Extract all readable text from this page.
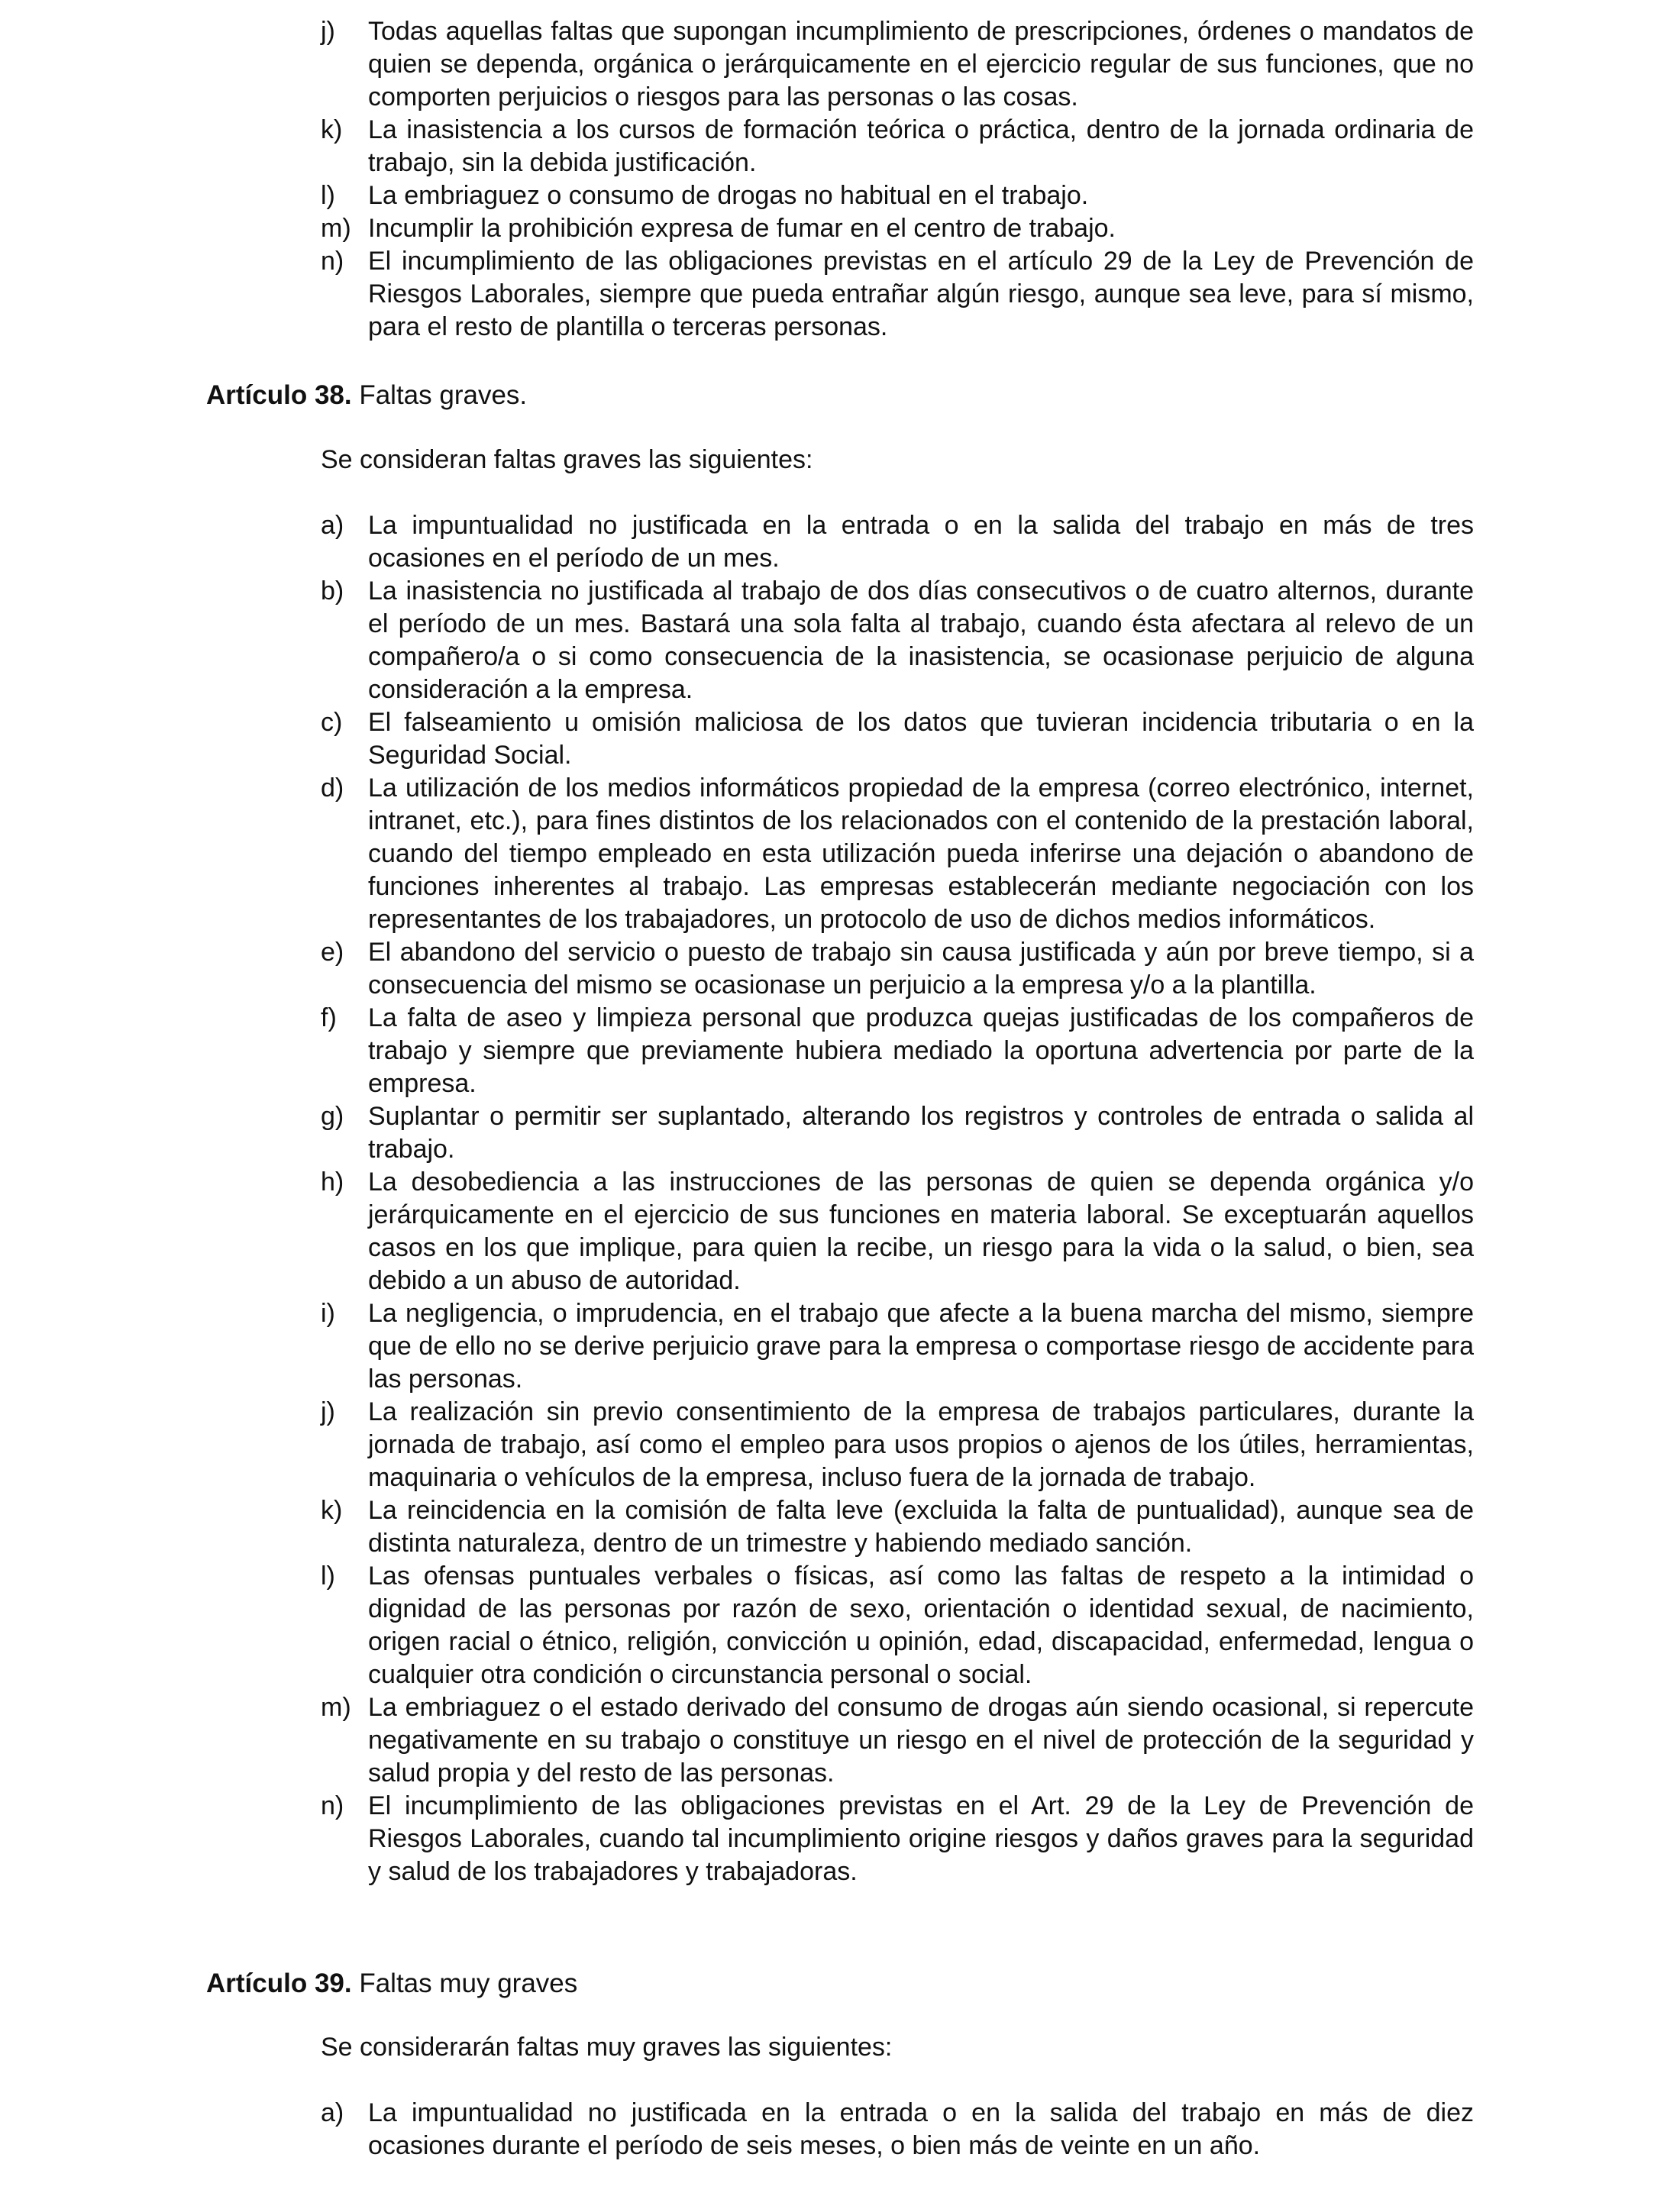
j) Todas aquellas faltas que supongan incumplimiento de prescripciones, órdenes o mandatos de quien se dependa, orgánica o jerárquicamente en el ejercicio regular de sus funciones, que no comporten perjuicios o riesgos para las personas o las cosas.
k) La inasistencia a los cursos de formación teórica o práctica, dentro de la jornada ordinaria de trabajo, sin la debida justificación.
l) La embriaguez o consumo de drogas no habitual en el trabajo.
m) Incumplir la prohibición expresa de fumar en el centro de trabajo.
n) El incumplimiento de las obligaciones previstas en el artículo 29 de la Ley de Prevención de Riesgos Laborales, siempre que pueda entrañar algún riesgo, aunque sea leve, para sí mismo, para el resto de plantilla o terceras personas.
Artículo 38. Faltas graves.
Se consideran faltas graves las siguientes:
a) La impuntualidad no justificada en la entrada o en la salida del trabajo en más de tres ocasiones en el período de un mes.
b) La inasistencia no justificada al trabajo de dos días consecutivos o de cuatro alternos, durante el período de un mes. Bastará una sola falta al trabajo, cuando ésta afectara al relevo de un compañero/a o si como consecuencia de la inasistencia, se ocasionase perjuicio de alguna consideración a la empresa.
c) El falseamiento u omisión maliciosa de los datos que tuvieran incidencia tributaria o en la Seguridad Social.
d) La utilización de los medios informáticos propiedad de la empresa (correo electrónico, internet, intranet, etc.), para fines distintos de los relacionados con el contenido de la prestación laboral, cuando del tiempo empleado en esta utilización pueda inferirse una dejación o abandono de funciones inherentes al trabajo. Las empresas establecerán mediante negociación con los representantes de los trabajadores, un protocolo de uso de dichos medios informáticos.
e) El abandono del servicio o puesto de trabajo sin causa justificada y aún por breve tiempo, si a consecuencia del mismo se ocasionase un perjuicio a la empresa y/o a la plantilla.
f) La falta de aseo y limpieza personal que produzca quejas justificadas de los compañeros de trabajo y siempre que previamente hubiera mediado la oportuna advertencia por parte de la empresa.
g) Suplantar o permitir ser suplantado, alterando los registros y controles de entrada o salida al trabajo.
h) La desobediencia a las instrucciones de las personas de quien se dependa orgánica y/o jerárquicamente en el ejercicio de sus funciones en materia laboral. Se exceptuarán aquellos casos en los que implique, para quien la recibe, un riesgo para la vida o la salud, o bien, sea debido a un abuso de autoridad.
i) La negligencia, o imprudencia, en el trabajo que afecte a la buena marcha del mismo, siempre que de ello no se derive perjuicio grave para la empresa o comportase riesgo de accidente para las personas.
j) La realización sin previo consentimiento de la empresa de trabajos particulares, durante la jornada de trabajo, así como el empleo para usos propios o ajenos de los útiles, herramientas, maquinaria o vehículos de la empresa, incluso fuera de la jornada de trabajo.
k) La reincidencia en la comisión de falta leve (excluida la falta de puntualidad), aunque sea de distinta naturaleza, dentro de un trimestre y habiendo mediado sanción.
l) Las ofensas puntuales verbales o físicas, así como las faltas de respeto a la intimidad o dignidad de las personas por razón de sexo, orientación o identidad sexual, de nacimiento, origen racial o étnico, religión, convicción u opinión, edad, discapacidad, enfermedad, lengua o cualquier otra condición o circunstancia personal o social.
m) La embriaguez o el estado derivado del consumo de drogas aún siendo ocasional, si repercute negativamente en su trabajo o constituye un riesgo en el nivel de protección de la seguridad y salud propia y del resto de las personas.
n) El incumplimiento de las obligaciones previstas en el Art. 29 de la Ley de Prevención de Riesgos Laborales, cuando tal incumplimiento origine riesgos y daños graves para la seguridad y salud de los trabajadores y trabajadoras.
Artículo 39. Faltas muy graves
Se considerarán faltas muy graves las siguientes:
a) La impuntualidad no justificada en la entrada o en la salida del trabajo en más de diez ocasiones durante el período de seis meses, o bien más de veinte en un año.
